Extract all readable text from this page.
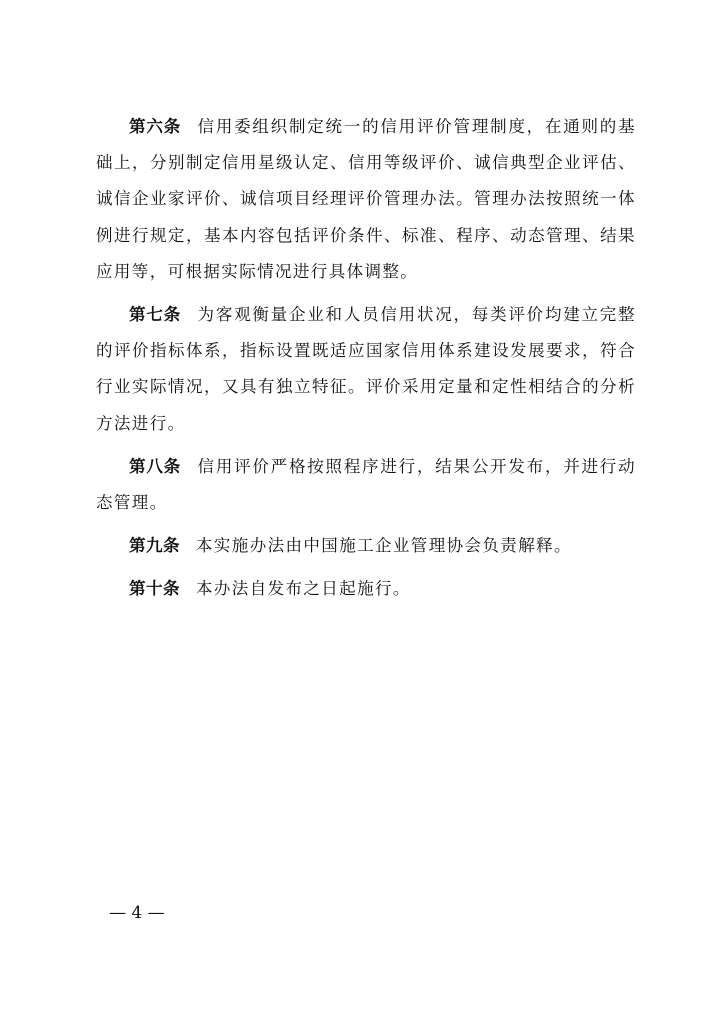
第六条 信用委组织制定统一的信用评价管理制度，在通则的基础上，分别制定信用星级认定、信用等级评价、诚信典型企业评估、诚信企业家评价、诚信项目经理评价管理办法。管理办法按照统一体例进行规定，基本内容包括评价条件、标准、程序、动态管理、结果应用等，可根据实际情况进行具体调整。

第七条 为客观衡量企业和人员信用状况，每类评价均建立完整的评价指标体系，指标设置既适应国家信用体系建设发展要求，符合行业实际情况，又具有独立特征。评价采用定量和定性相结合的分析方法进行。

第八条 信用评价严格按照程序进行，结果公开发布，并进行动态管理。

第九条 本实施办法由中国施工企业管理协会负责解释。

第十条 本办法自发布之日起施行。

— 4 —
